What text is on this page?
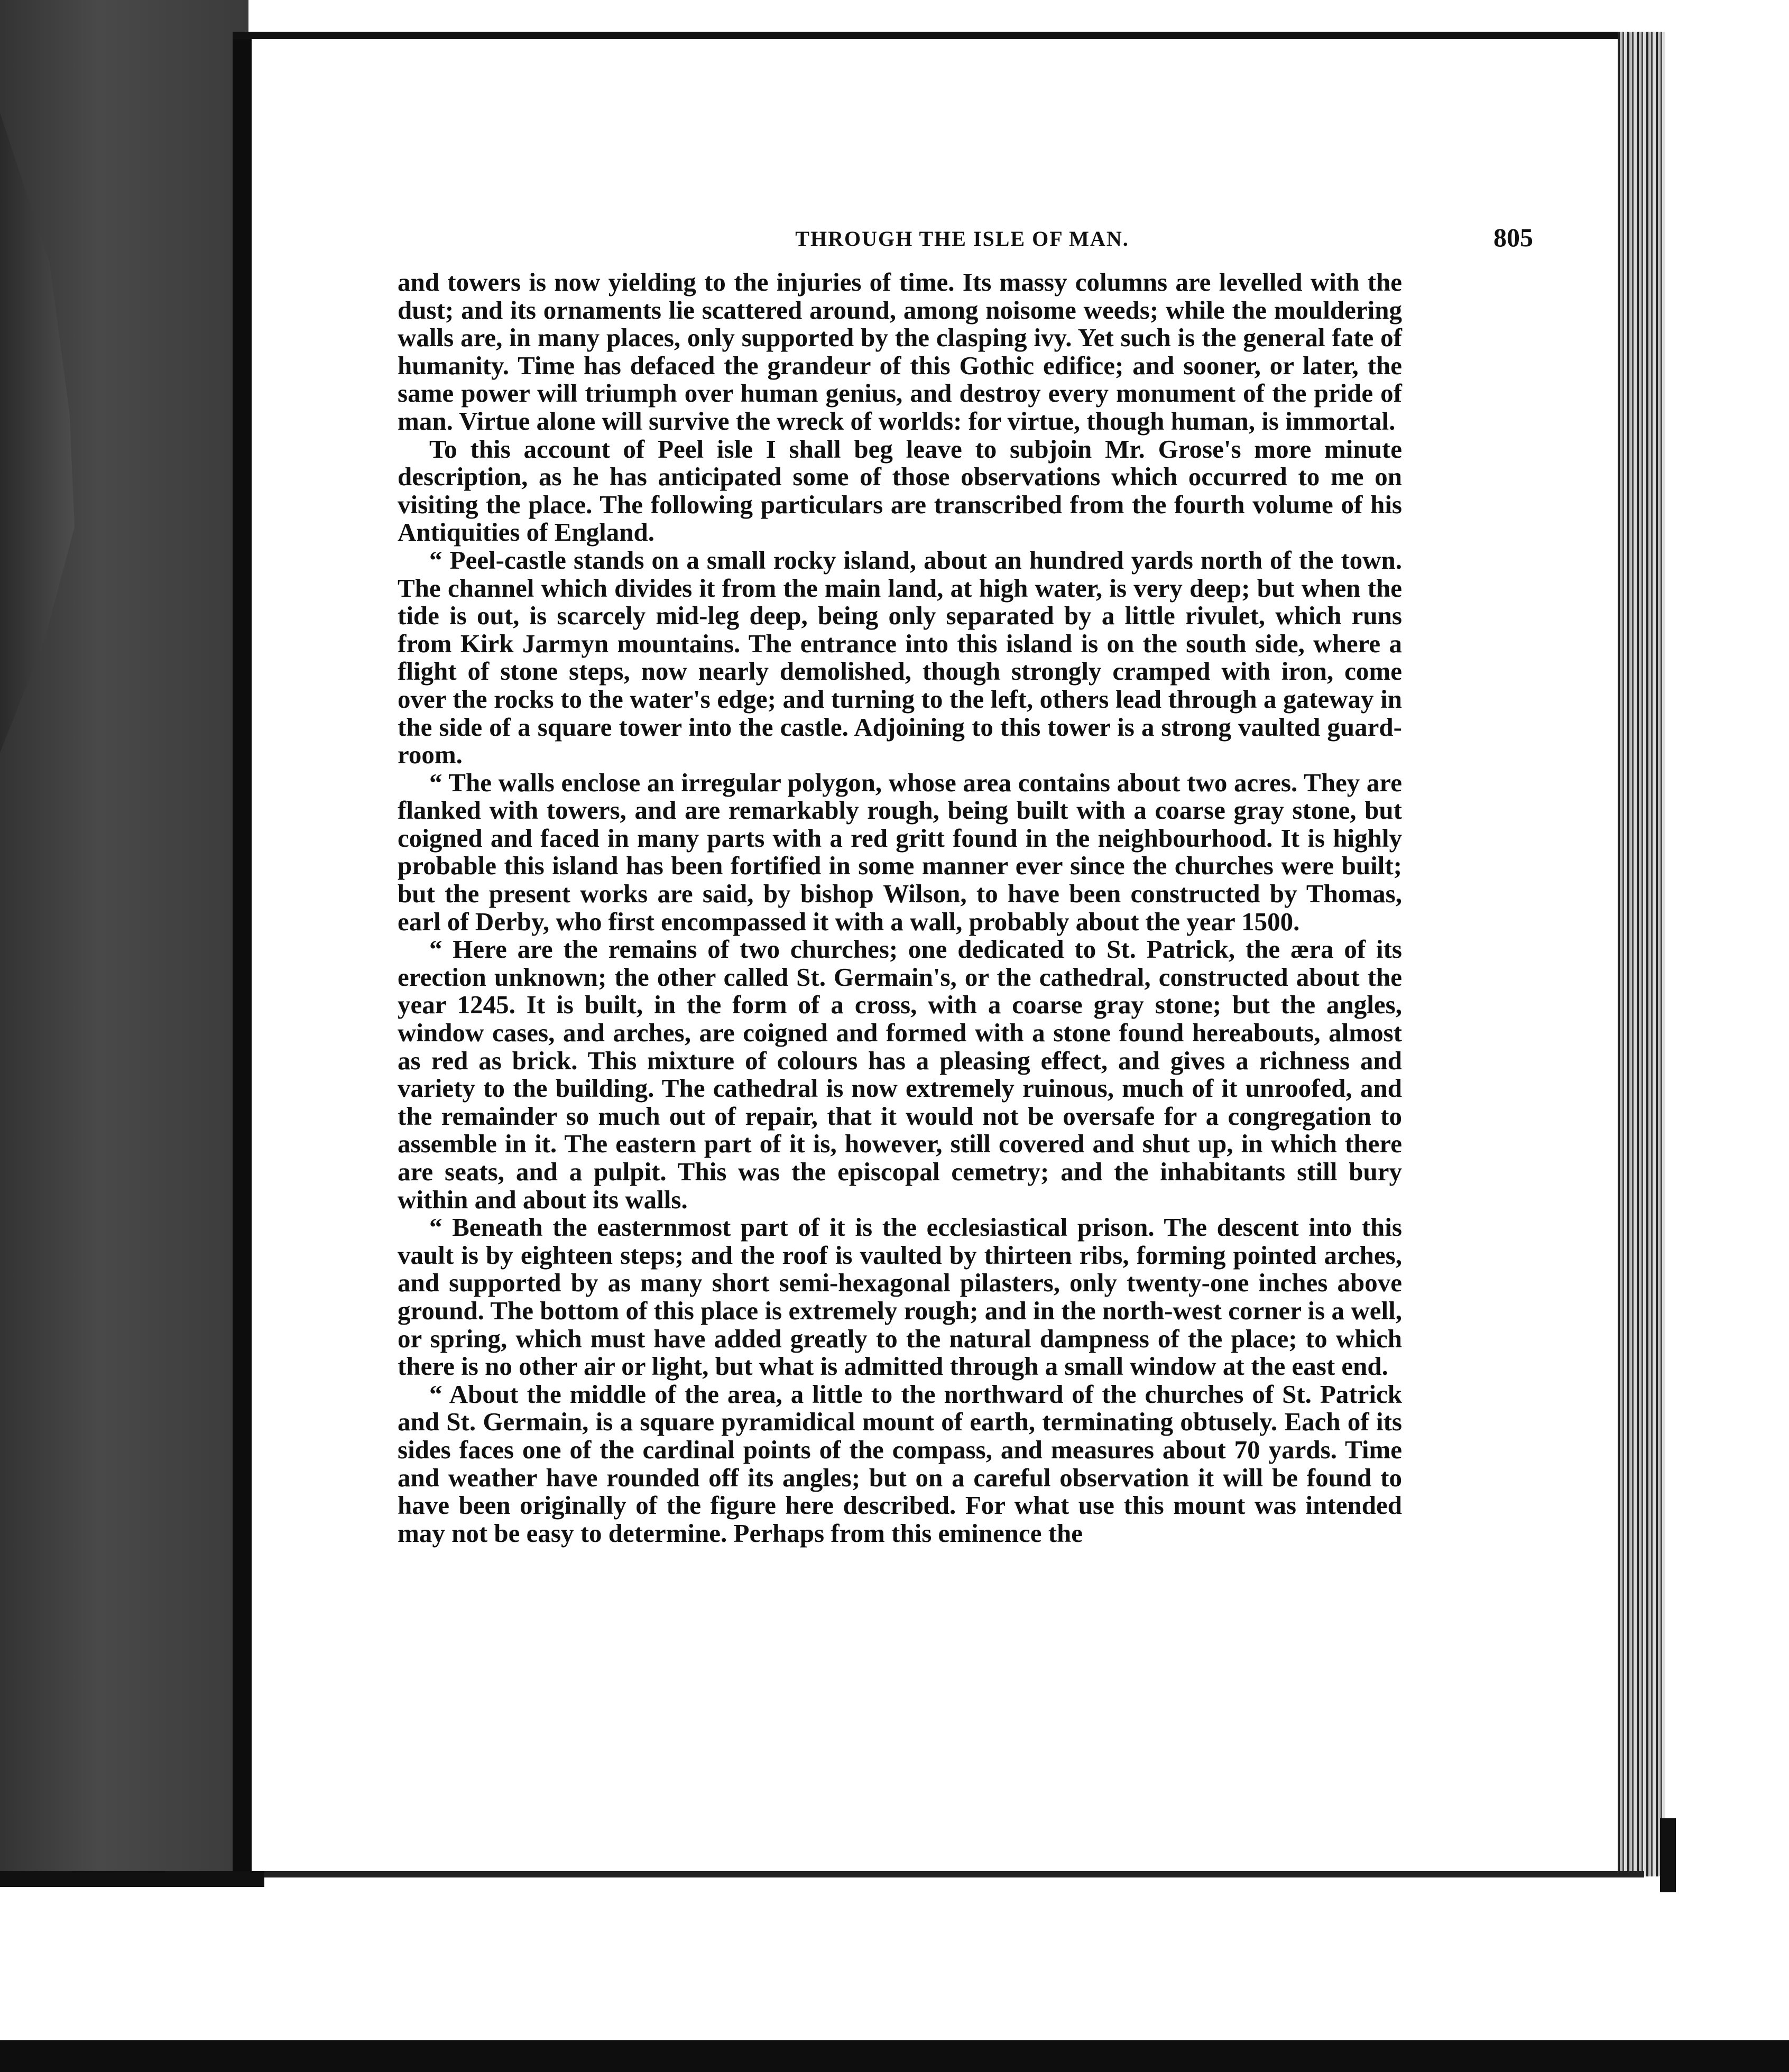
THROUGH THE ISLE OF MAN.	805

and towers is now yielding to the injuries of time. Its massy columns are levelled with the dust; and its ornaments lie scattered around, among noisome weeds; while the mouldering walls are, in many places, only supported by the clasping ivy. Yet such is the general fate of humanity. Time has defaced the grandeur of this Gothic edifice; and sooner, or later, the same power will triumph over human genius, and destroy every monument of the pride of man. Virtue alone will survive the wreck of worlds: for virtue, though human, is immortal.

To this account of Peel isle I shall beg leave to subjoin Mr. Grose's more minute description, as he has anticipated some of those observations which occurred to me on visiting the place. The following particulars are transcribed from the fourth volume of his Antiquities of England.

“ Peel-castle stands on a small rocky island, about an hundred yards north of the town. The channel which divides it from the main land, at high water, is very deep; but when the tide is out, is scarcely mid-leg deep, being only separated by a little rivulet, which runs from Kirk Jarmyn mountains. The entrance into this island is on the south side, where a flight of stone steps, now nearly demolished, though strongly cramped with iron, come over the rocks to the water's edge; and turning to the left, others lead through a gateway in the side of a square tower into the castle. Adjoining to this tower is a strong vaulted guard-room.

“ The walls enclose an irregular polygon, whose area contains about two acres. They are flanked with towers, and are remarkably rough, being built with a coarse gray stone, but coigned and faced in many parts with a red gritt found in the neighbourhood. It is highly probable this island has been fortified in some manner ever since the churches were built; but the present works are said, by bishop Wilson, to have been constructed by Thomas, earl of Derby, who first encompassed it with a wall, probably about the year 1500.

“ Here are the remains of two churches; one dedicated to St. Patrick, the æra of its erection unknown; the other called St. Germain's, or the cathedral, constructed about the year 1245. It is built, in the form of a cross, with a coarse gray stone; but the angles, window cases, and arches, are coigned and formed with a stone found hereabouts, almost as red as brick. This mixture of colours has a pleasing effect, and gives a richness and variety to the building. The cathedral is now extremely ruinous, much of it unroofed, and the remainder so much out of repair, that it would not be oversafe for a congregation to assemble in it. The eastern part of it is, however, still covered and shut up, in which there are seats, and a pulpit. This was the episcopal cemetry; and the inhabitants still bury within and about its walls.

“ Beneath the easternmost part of it is the ecclesiastical prison. The descent into this vault is by eighteen steps; and the roof is vaulted by thirteen ribs, forming pointed arches, and supported by as many short semi-hexagonal pilasters, only twenty-one inches above ground. The bottom of this place is extremely rough; and in the north-west corner is a well, or spring, which must have added greatly to the natural dampness of the place; to which there is no other air or light, but what is admitted through a small window at the east end.

“ About the middle of the area, a little to the northward of the churches of St. Patrick and St. Germain, is a square pyramidical mount of earth, terminating obtusely. Each of its sides faces one of the cardinal points of the compass, and measures about 70 yards. Time and weather have rounded off its angles; but on a careful observation it will be found to have been originally of the figure here described. For what use this mount was intended may not be easy to determine. Perhaps from this eminence the
